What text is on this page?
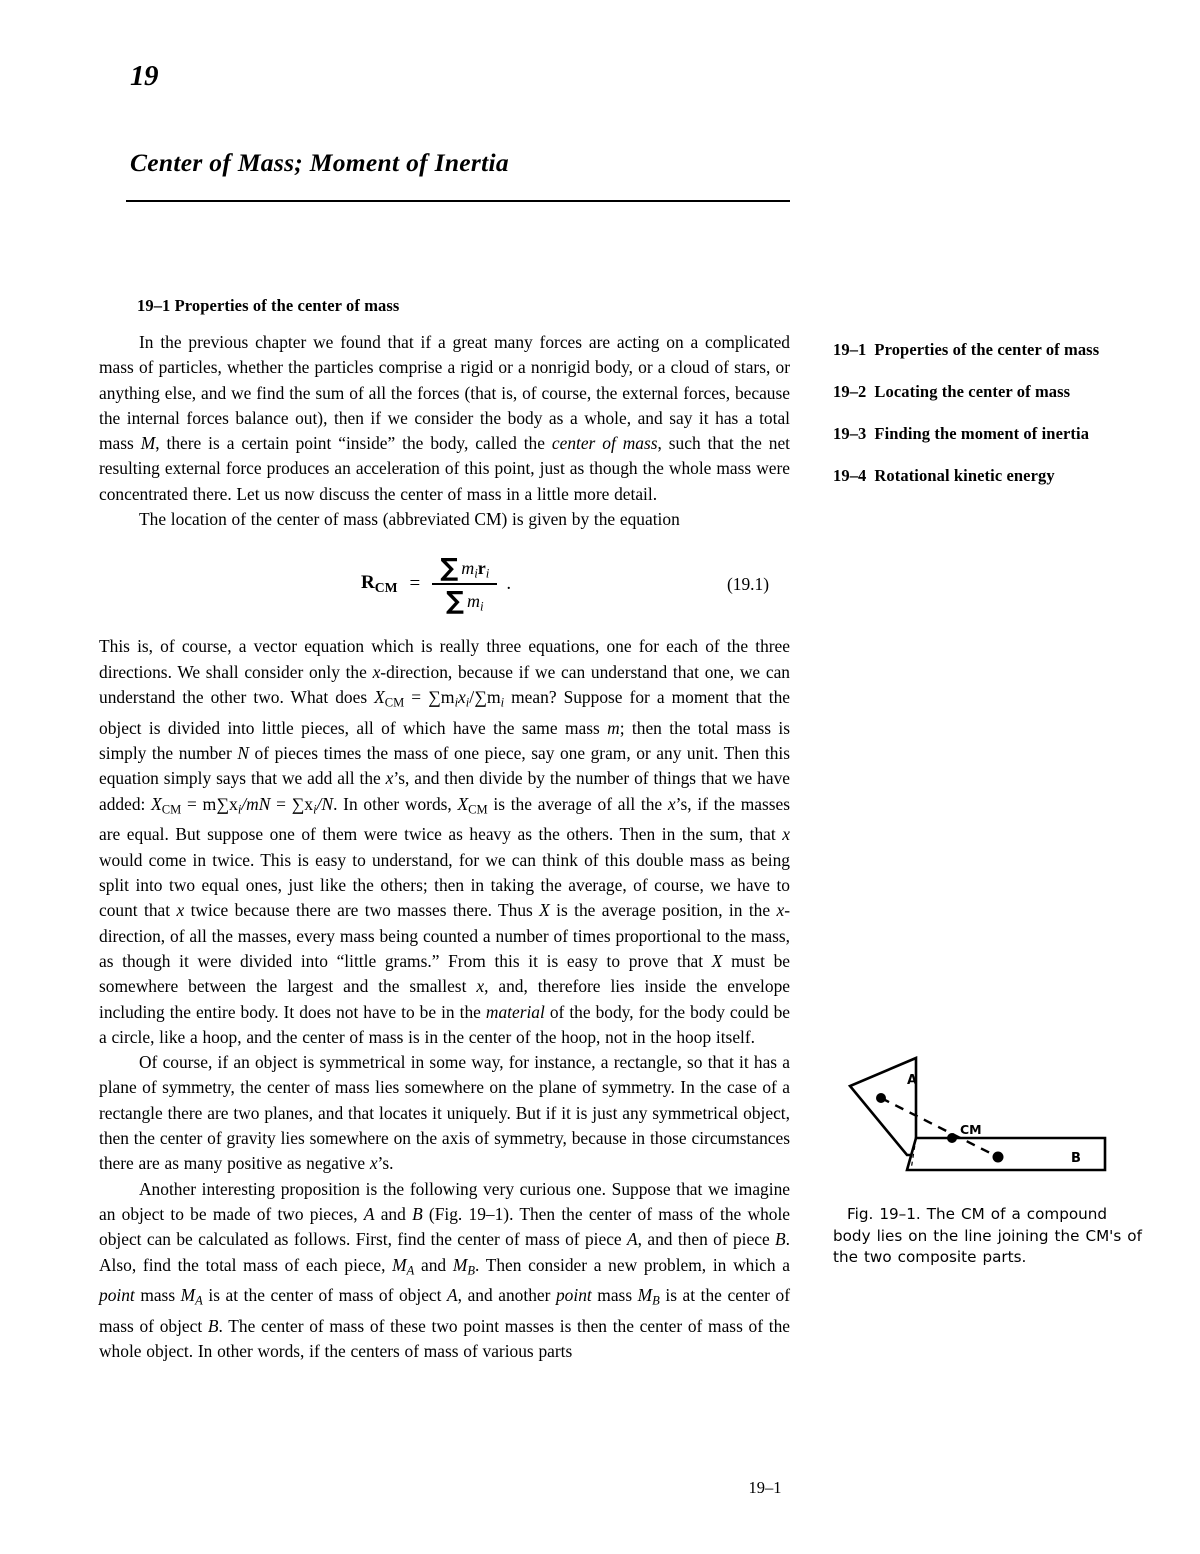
19
Center of Mass; Moment of Inertia
19–1 Properties of the center of mass

In the previous chapter we found that if a great many forces are acting on a complicated mass of particles, whether the particles comprise a rigid or a nonrigid body, or a cloud of stars, or anything else, and we find the sum of all the forces (that is, of course, the external forces, because the internal forces balance out), then if we consider the body as a whole, and say it has a total mass M, there is a certain point “inside” the body, called the center of mass, such that the net resulting external force produces an acceleration of this point, just as though the whole mass were concentrated there. Let us now discuss the center of mass in a little more detail.

The location of the center of mass (abbreviated CM) is given by the equation

$R_{CM} = \frac{\sum m_ir_i}{\sum m_i}$ .	(19.1)

This is, of course, a vector equation which is really three equations, one for each of the three directions. We shall consider only the x-direction, because if we can understand that one, we can understand the other two. What does $X_{CM} = \sum m_ix_i/\sum m_i$ mean? Suppose for a moment that the object is divided into little pieces, all of which have the same mass m; then the total mass is simply the number N of pieces times the mass of one piece, say one gram, or any unit. Then this equation simply says that we add all the x’s, and then divide by the number of things that we have added: $X_{CM} = m\sum x_i/mN = \sum x_i/N$. In other words, $X_{CM}$ is the average of all the x’s, if the masses are equal. But suppose one of them were twice as heavy as the others. Then in the sum, that x would come in twice. This is easy to understand, for we can think of this double mass as being split into two equal ones, just like the others; then in taking the average, of course, we have to count that x twice because there are two masses there. Thus X is the average position, in the x-direction, of all the masses, every mass being counted a number of times proportional to the mass, as though it were divided into “little grams.” From this it is easy to prove that X must be somewhere between the largest and the smallest x, and, therefore lies inside the envelope including the entire body. It does not have to be in the material of the body, for the body could be a circle, like a hoop, and the center of mass is in the center of the hoop, not in the hoop itself.

Of course, if an object is symmetrical in some way, for instance, a rectangle, so that it has a plane of symmetry, the center of mass lies somewhere on the plane of symmetry. In the case of a rectangle there are two planes, and that locates it uniquely. But if it is just any symmetrical object, then the center of gravity lies somewhere on the axis of symmetry, because in those circumstances there are as many positive as negative x’s.

Another interesting proposition is the following very curious one. Suppose that we imagine an object to be made of two pieces, A and B (Fig. 19–1). Then the center of mass of the whole object can be calculated as follows. First, find the center of mass of piece A, and then of piece B. Also, find the total mass of each piece, $M_A$ and $M_B$. Then consider a new problem, in which a point mass $M_A$ is at the center of mass of object A, and another point mass $M_B$ is at the center of mass of object B. The center of mass of these two point masses is then the center of mass of the whole object. In other words, if the centers of mass of various parts

19–1 Properties of the center of mass
19–2 Locating the center of mass
19–3 Finding the moment of inertia
19–4 Rotational kinetic energy
A
B
CM
Fig. 19–1. The CM of a compound
body lies on the line joining the CM's of
the two composite parts.
19–1
